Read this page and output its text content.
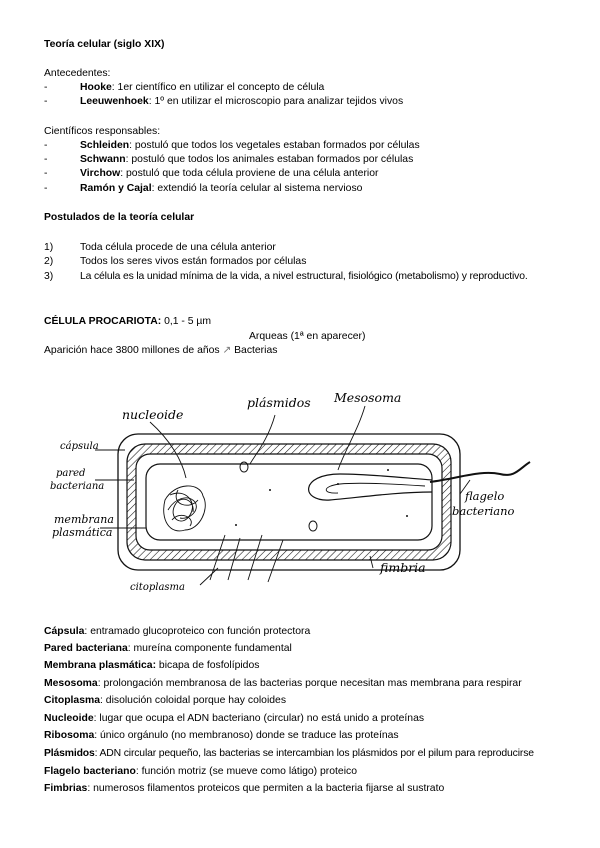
Teoría celular (siglo XIX)
Antecedentes:
-	Hooke: 1er científico en utilizar el concepto de célula
-	Leeuwenhoek: 1º en utilizar el microscopio para analizar tejidos vivos
Científicos responsables:
-	Schleiden: postuló que todos los vegetales estaban formados por células
-	Schwann: postuló que todos los animales estaban formados por células
-	Virchow: postuló que toda célula proviene de una célula anterior
-	Ramón y Cajal: extendió la teoría celular al sistema nervioso
Postulados de la teoría celular
1)	Toda célula procede de una célula anterior
2)	Todos los seres vivos están formados por células
3)	La célula es la unidad mínima de la vida, a nivel estructural, fisiológico (metabolismo) y reproductivo.
CÉLULA PROCARIOTA: 0,1 - 5 µm
Arqueas (1ª en aparecer)
Aparición hace 3800 millones de años ↗ Bacterias
nucleoide
plásmidos Mesosoma
cápsula
pared
bacteriana
membrana
plasmática
citoplasma
fimbria
flagelo
bacteriano
Cápsula: entramado glucoproteico con función protectora
Pared bacteriana: mureína componente fundamental
Membrana plasmática: bicapa de fosfolípidos
Mesosoma: prolongación membranosa de las bacterias porque necesitan mas membrana para respirar
Citoplasma: disolución coloidal porque hay coloides
Nucleoide: lugar que ocupa el ADN bacteriano (circular) no está unido a proteínas
Ribosoma: único orgánulo (no membranoso) donde se traduce las proteínas
Plásmidos: ADN circular pequeño, las bacterias se intercambian los plásmidos por el pilum para reproducirse
Flagelo bacteriano: función motriz (se mueve como látigo) proteico
Fimbrias: numerosos filamentos proteicos que permiten a la bacteria fijarse al sustrato
